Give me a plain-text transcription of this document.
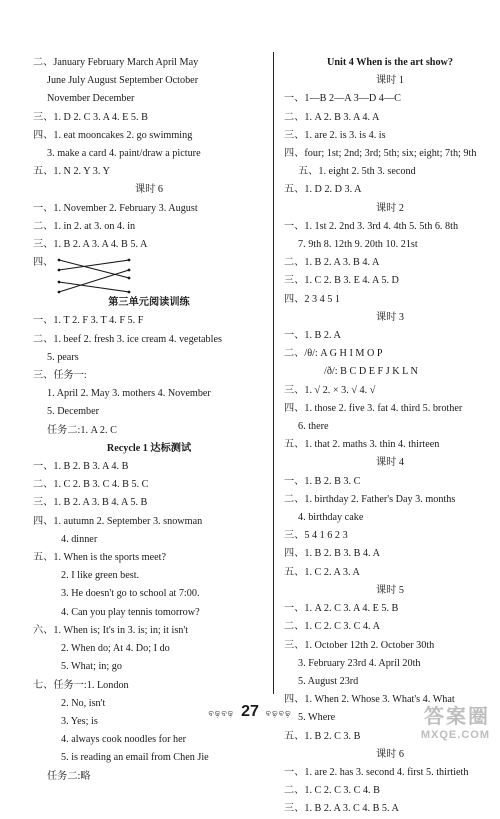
二、January February March April May
June July August September October
November December
三、1. D 2. C 3. A 4. E 5. B
四、1. eat mooncakes 2. go swimming
3. make a card 4. paint/draw a picture
五、1. N 2. Y 3. Y
课时 6
一、1. November 2. February 3. August
二、1. in 2. at 3. on 4. in
三、1. B 2. A 3. A 4. B 5. A
四、
第三单元阅读训练
一、1. T 2. F 3. T 4. F 5. F
二、1. beef 2. fresh 3. ice cream 4. vegetables
5. pears
三、任务一:
1. April 2. May 3. mothers 4. November
5. December
任务二:1. A 2. C
Recycle 1 达标测试
一、1. B 2. B 3. A 4. B
二、1. C 2. B 3. C 4. B 5. C
三、1. B 2. A 3. B 4. A 5. B
四、1. autumn 2. September 3. snowman
4. dinner
五、1. When is the sports meet?
2. I like green best.
3. He doesn't go to school at 7:00.
4. Can you play tennis tomorrow?
六、1. When is; It's in 3. is; in; it isn't
2. When do; At 4. Do; I do
5. What; in; go
七、任务一:1. London
2. No, isn't
3. Yes; is
4. always cook noodles for her
5. is reading an email from Chen Jie
任务二:略
Unit 4 When is the art show?
课时 1
一、1—B 2—A 3—D 4—C
二、1. A 2. B 3. A 4. A
三、1. are 2. is 3. is 4. is
四、four; 1st; 2nd; 3rd; 5th; six; eight; 7th; 9th
五、1. eight 2. 5th 3. second
五、1. D 2. D 3. A
课时 2
一、1. 1st 2. 2nd 3. 3rd 4. 4th 5. 5th 6. 8th
7. 9th 8. 12th 9. 20th 10. 21st
二、1. B 2. A 3. B 4. A
三、1. C 2. B 3. E 4. A 5. D
四、2 3 4 5 1
课时 3
一、1. B 2. A
二、/θ/: A G H I M O P
/ð/: B C D E F J K L N
三、1. √ 2. × 3. √ 4. √
四、1. those 2. five 3. fat 4. third 5. brother
6. there
五、1. that 2. maths 3. thin 4. thirteen
课时 4
一、1. B 2. B 3. C
二、1. birthday 2. Father's Day 3. months
4. birthday cake
三、5 4 1 6 2 3
四、1. B 2. B 3. B 4. A
五、1. C 2. A 3. A
课时 5
一、1. A 2. C 3. A 4. E 5. B
二、1. C 2. C 3. C 4. A
三、1. October 12th 2. October 30th
3. February 23rd 4. April 20th
5. August 23rd
四、1. When 2. Whose 3. What's 4. What
5. Where
五、1. B 2. C 3. B
课时 6
一、1. are 2. has 3. second 4. first 5. thirtieth
二、1. C 2. C 3. C 4. B
三、1. B 2. A 3. C 4. B 5. A
ବଢ଼ବଢ଼ 27 ବଢ଼ବଢ଼	答案圈
MXQE.COM
